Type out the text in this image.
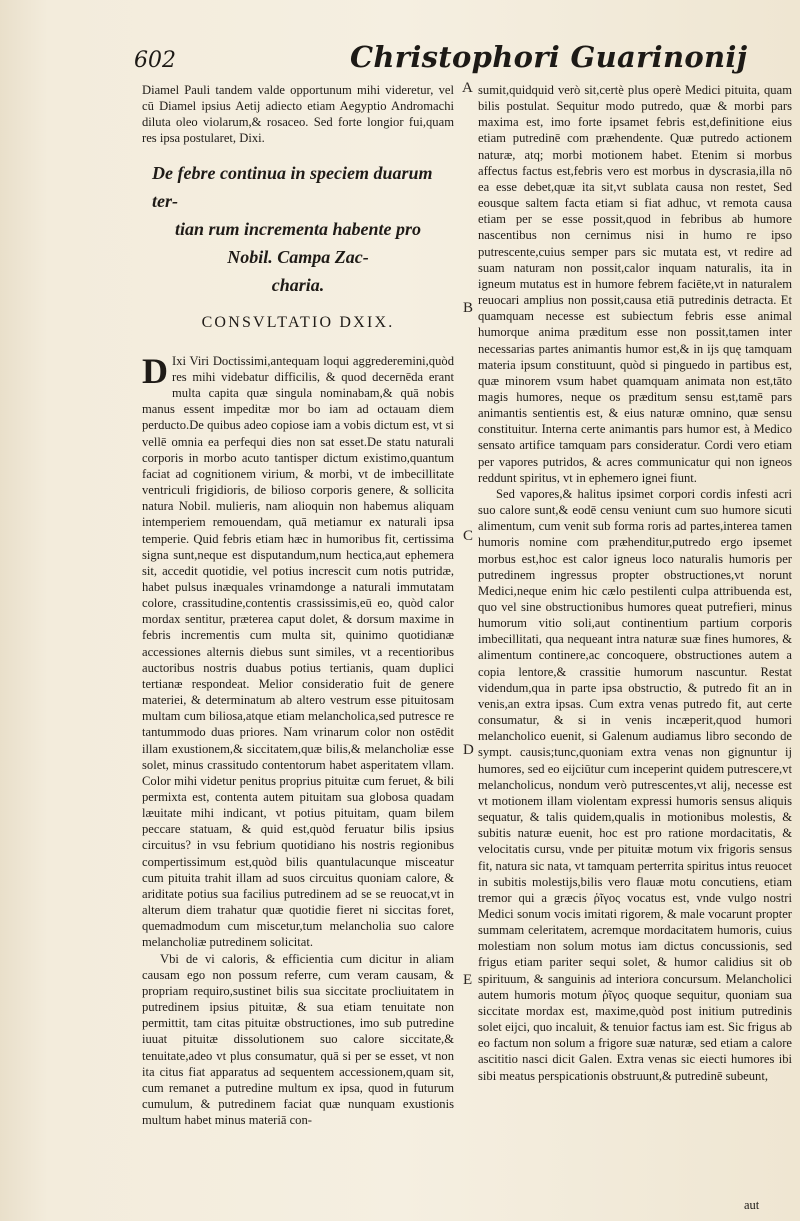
602	Christophori Guarinonij

Diamel Pauli tandem valde opportunum mihi videretur, vel cū Diamel ipsius Aetij adiecto etiam Aegyptio Andromachi diluta oleo violarum,& rosaceo. Sed forte longior fui,quam res ipsa postularet, Dixi.

De febre continua in speciem duarum ter-
tian rum incrementa habente pro
Nobil. Campa Zac-
charia.
CONSVLTATIO DXIX.

D Ixi Viri Doctissimi,antequam loqui aggrederemini,quòd res mihi videbatur difficilis, & quod decernēda erant multa capita quæ singula nominabam,& quā nobis manus essent impeditæ mor bo iam ad octauam diem perducto.De quibus adeo copiose iam a vobis dictum est, vt si vellē omnia ea perfequi dies non sat esset.De statu naturali corporis in morbo acuto tantisper dictum existimo,quantum faciat ad cognitionem virium, & morbi, vt de imbecillitate ventriculi frigidioris, de bilioso corporis genere, & sollicita natura Nobil. mulieris, nam alioquin non habemus aliquam intemperiem remouendam, quā metiamur ex naturali ipsa temperie. Quid febris etiam hæc in humoribus fit, certissima signa sunt,neque est disputandum,num hectica,aut ephemera sit, accedit quotidie, vel potius increscit cum notis putridæ, habet pulsus inæquales vrinamdonge a naturali immutatam colore, crassitudine,contentis crassissimis,eū eo, quòd calor mordax sentitur, præterea caput dolet, & dorsum maxime in febris incrementis cum multa sit, quinimo quotidianæ accessiones alternis diebus sunt similes, vt a recentioribus auctoribus nostris duabus potius tertianis, quam duplici tertianæ respondeat. Melior consideratio fuit de genere materiei, & determinatum ab altero vestrum esse pituitosam multam cum biliosa,atque etiam melancholica,sed putresce re tantummodo duas priores. Nam vrinarum color non ostēdit illam exustionem,& siccitatem,quæ bilis,& melancholiæ esse solet, minus crassitudo contentorum habet asperitatem vllam. Color mihi videtur penitus proprius pituitæ cum feruet, & bili permixta est, contenta autem pituitam sua globosa quadam læuitate mihi indicant, vt potius pituitam, quam bilem peccare statuam, & quid est,quòd feruatur bilis ipsius circuitus? in vsu febrium quotidiano his nostris regionibus compertissimum est,quòd bilis quantulacunque misceatur cum pituita trahit illam ad suos circuitus quoniam calore, & ariditate potius sua facilius putredinem ad se se reuocat,vt in alterum diem trahatur quæ quotidie fieret ni siccitas foret, quemadmodum cum miscetur,tum melancholia suo calore melancholiæ putredinem solicitat.

Vbi de vi caloris, & efficientia cum dicitur in aliam causam ego non possum referre, cum veram causam, & propriam requiro,sustinet bilis sua siccitate procliuitatem in putredinem ipsius pituitæ, & sua etiam tenuitate non permittit, tam citas pituitæ obstructiones, imo sub putredine iuuat pituitæ dissolutionem suo calore siccitate,& tenuitate,adeo vt plus consumatur, quā si per se esset, vt non ita citus fiat apparatus ad sequentem accessionem,quam sit, cum remanet a putredine multum ex ipsa, quod in futurum cumulum, & putredinem faciat quæ nunquam exustionis multum habet minus materiā con-

sumit,quidquid verò sit,certè plus operè Medici pituita, quam bilis postulat. Sequitur modo putredo, quæ & morbi pars maxima est, imo forte ipsamet febris est,definitione eius etiam putredinē com præhendente. Quæ putredo actionem naturæ, atq; morbi motionem habet. Etenim si morbus affectus factus est,febris vero est morbus in dyscrasia,illa nō ea esse debet,quæ ita sit,vt sublata causa non restet, Sed eousque saltem facta etiam si fiat adhuc, vt remota causa etiam per se esse possit,quod in febribus ab humore nascentibus non cernimus nisi in humo re ipso putrescente,cuius semper pars sic mutata est, vt redire ad suam naturam non possit,calor inquam naturalis, ita in igneum mutatus est in humore febrem faciēte,vt in naturalem reuocari amplius non possit,causa etiā putredinis detracta. Et quamquam necesse est subiectum febris esse animal humorque anima præditum esse non possit,tamen inter necessarias partes animantis humor est,& in ijs quę tamquam materia ipsum constituunt, quòd si pinguedo in partibus est, quæ minorem vsum habet quamquam animata non est,tāto magis humores, neque os præditum sensu est,tamē pars animantis sentientis est, & eius naturæ omnino, quæ sensu constituitur. Interna certe animantis pars humor est, à Medico sensato artifice tamquam pars consideratur. Cordi vero etiam per vapores putridos, & acres communicatur qui non igneos reddunt spiritus, vt in ephemero ignei fiunt.

Sed vapores,& halitus ipsimet corpori cordis infesti acri suo calore sunt,& eodē censu veniunt cum suo humore sicuti alimentum, cum venit sub forma roris ad partes,interea tamen humoris nomine com præhenditur,putredo ergo ipsemet morbus est,hoc est calor igneus loco naturalis humoris per putredinem ingressus propter obstructiones,vt norunt Medici,neque enim hic cælo pestilenti culpa attribuenda est, quo vel sine obstructionibus humores queat putrefieri, minus humorum vitio soli,aut continentium partium corporis imbecillitati, qua nequeant intra naturæ suæ fines humores, & alimentum continere,ac concoquere, obstructiones autem a copia lentore,& crassitie humorum nascuntur. Restat videndum,qua in parte ipsa obstructio, & putredo fit an in venis,an extra ipsas. Cum extra venas putredo fit, aut certe consumatur, & si in venis incæperit,quod humori melancholico euenit, si Galenum audiamus libro secondo de sympt. causis;tunc,quoniam extra venas non gignuntur ij humores, sed eo eijciūtur cum inceperint quidem putrescere,vt melancholicus, nondum verò putrescentes,vt alij, necesse est vt motionem illam violentam expressi humoris sensus aliquis sequatur, & talis quidem,qualis in motionibus molestis, & subitis naturæ euenit, hoc est pro ratione mordacitatis, & velocitatis cursu, vnde per pituitæ motum vix frigoris sensus fit, natura sic nata, vt tamquam perterrita spiritus intus reuocet in subitis molestijs,bilis vero flauæ motu concutiens, etiam tremor qui a græcis ῥῖγος vocatus est, vnde vulgo nostri Medici sonum vocis imitati rigorem, & male vocarunt propter summam celeritatem, acremque mordacitatem humoris, cuius molestiam non solum motus iam dictus concussionis, sed frigus etiam pariter sequi solet, & humor calidius sit ob spirituum, & sanguinis ad interiora concursum. Melancholici autem humoris motum ῥῖγος quoque sequitur, quoniam sua siccitate mordax est, maxime,quòd post initium putredinis solet eijci, quo incaluit, & tenuior factus iam est. Sic frigus ab eo factum non solum a frigore suæ naturæ, sed etiam a calore ascititio nasci dicit Galen. Extra venas sic eiecti humores ibi sibi meatus perspicationis obstruunt,& putredinē subeunt,

A
B
C
D
E
aut
